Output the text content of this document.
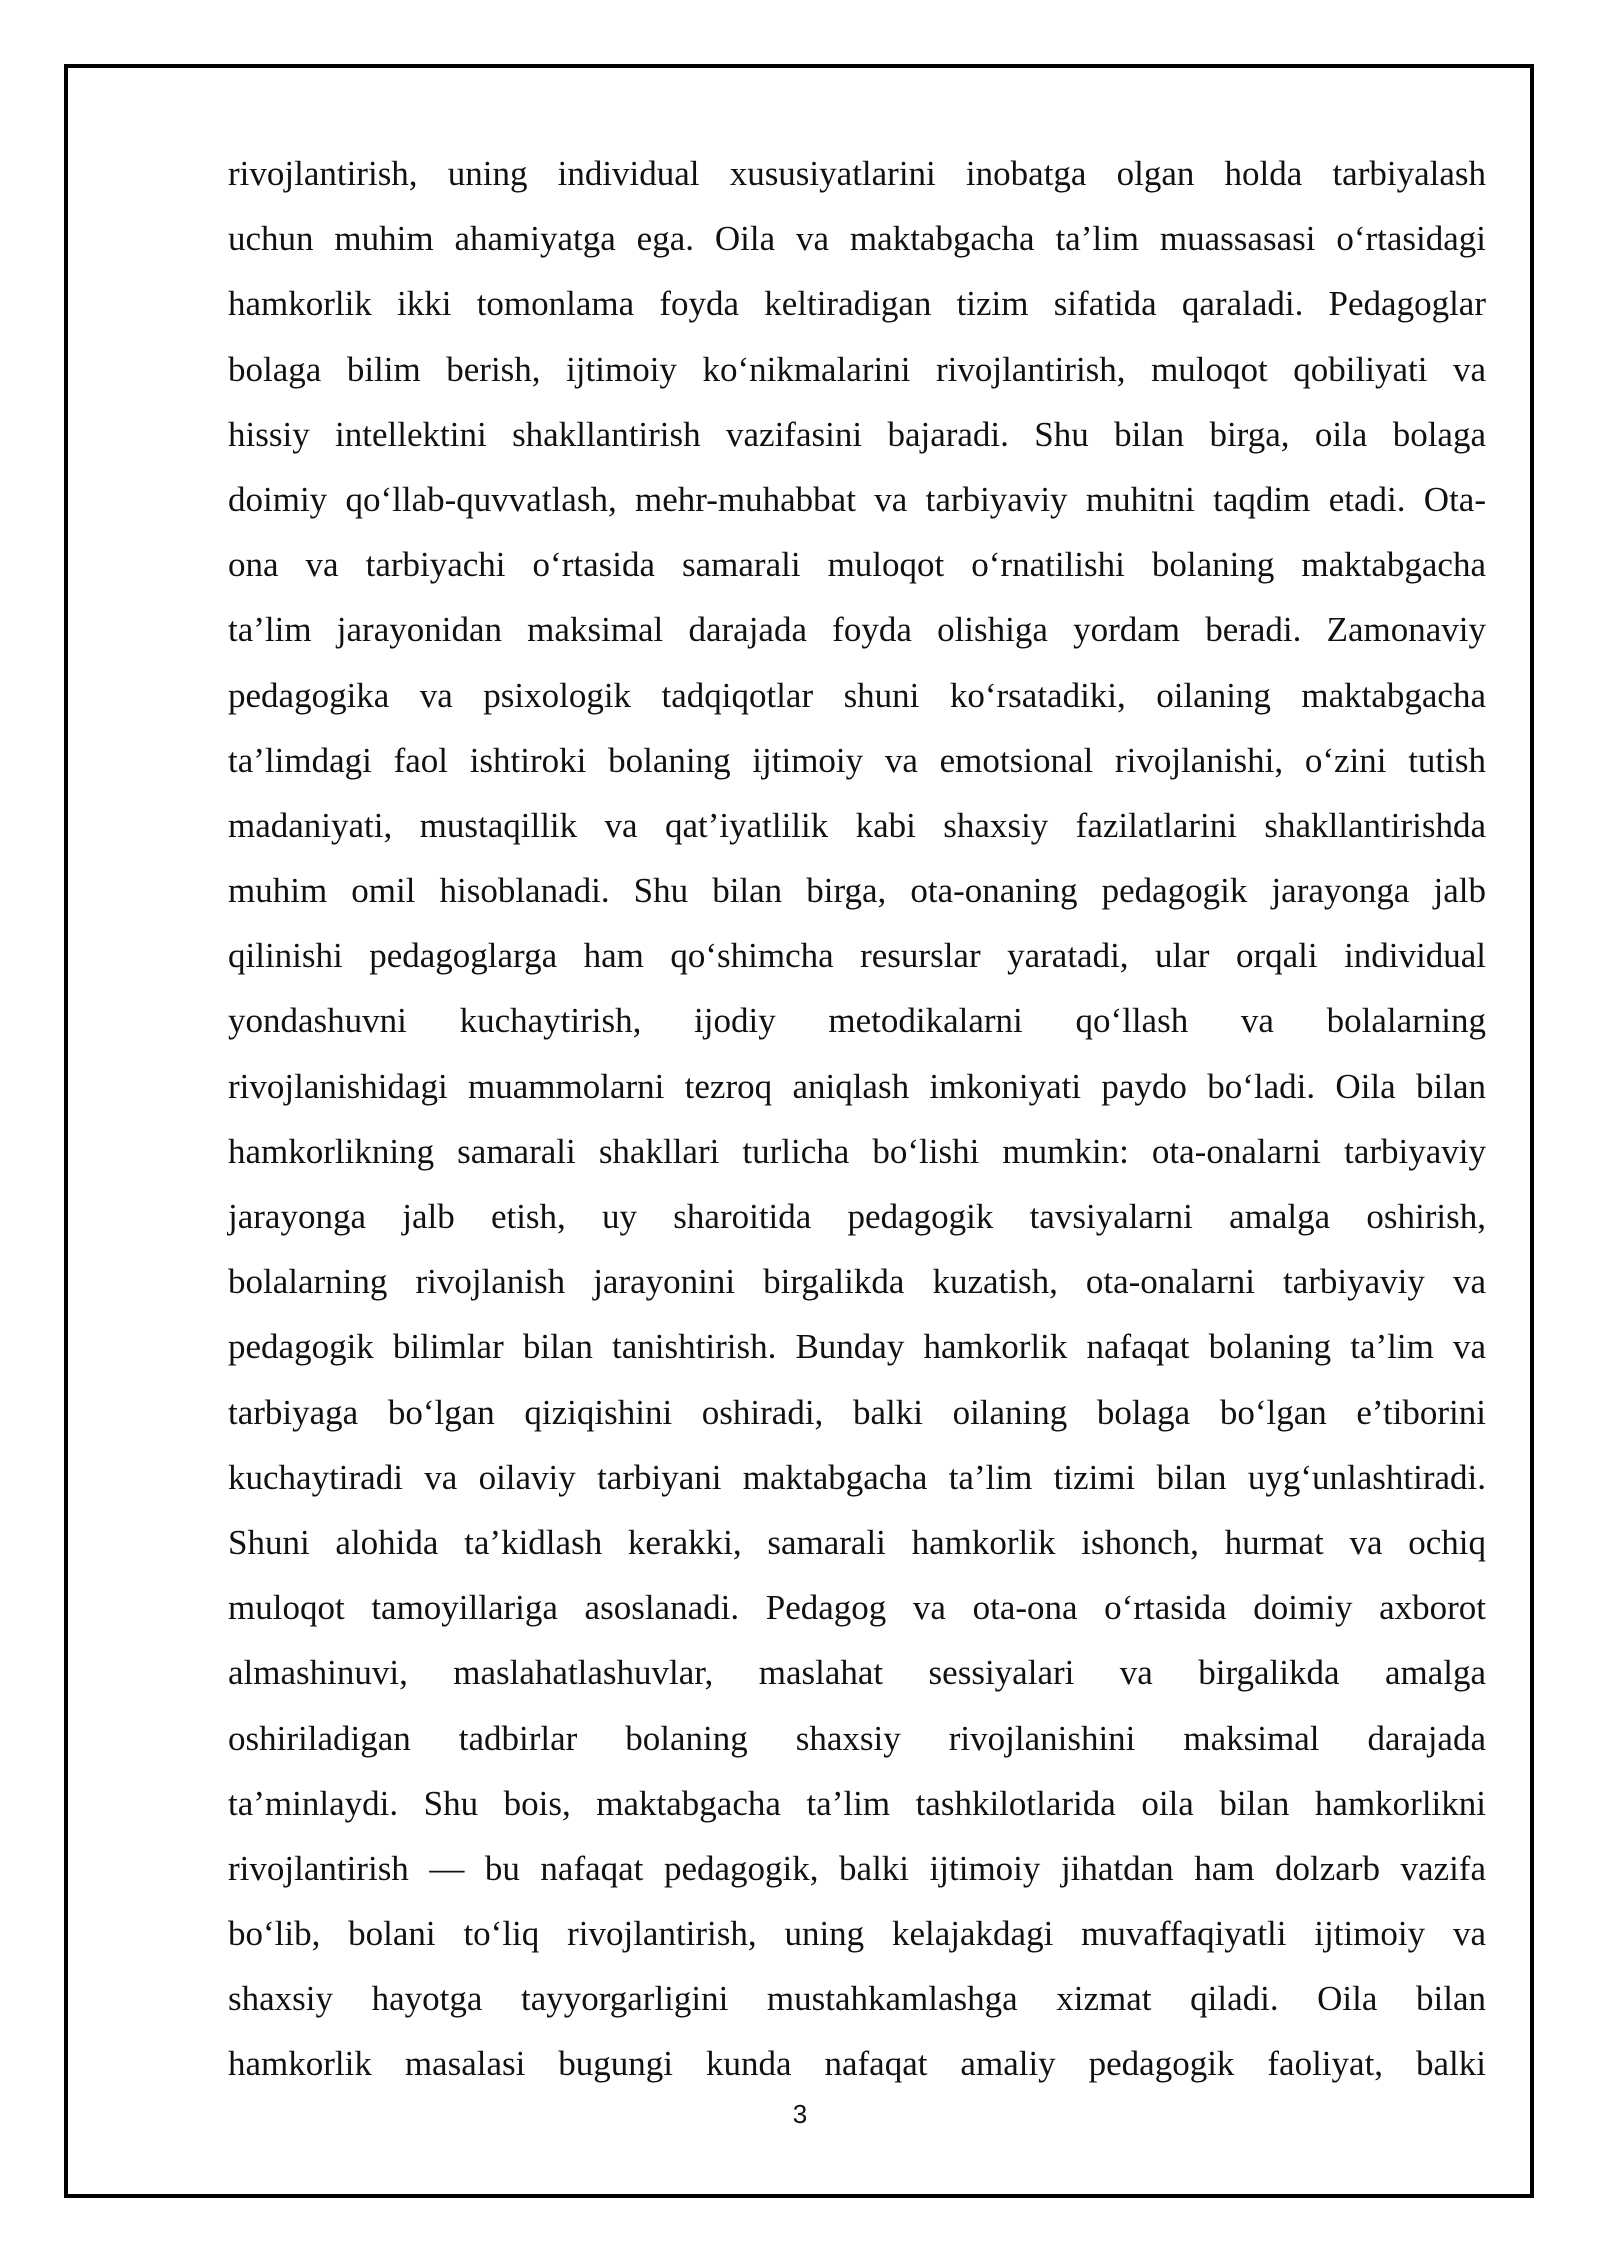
rivojlantirish, uning individual xususiyatlarini inobatga olgan holda tarbiyalash
uchun muhim ahamiyatga ega. Oila va maktabgacha ta’lim muassasasi o‘rtasidagi
hamkorlik ikki tomonlama foyda keltiradigan tizim sifatida qaraladi. Pedagoglar
bolaga bilim berish, ijtimoiy ko‘nikmalarini rivojlantirish, muloqot qobiliyati va
hissiy intellektini shakllantirish vazifasini bajaradi. Shu bilan birga, oila bolaga
doimiy qo‘llab-quvvatlash, mehr-muhabbat va tarbiyaviy muhitni taqdim etadi. Ota-
ona va tarbiyachi o‘rtasida samarali muloqot o‘rnatilishi bolaning maktabgacha
ta’lim jarayonidan maksimal darajada foyda olishiga yordam beradi. Zamonaviy
pedagogika va psixologik tadqiqotlar shuni ko‘rsatadiki, oilaning maktabgacha
ta’limdagi faol ishtiroki bolaning ijtimoiy va emotsional rivojlanishi, o‘zini tutish
madaniyati, mustaqillik va qat’iyatlilik kabi shaxsiy fazilatlarini shakllantirishda
muhim omil hisoblanadi. Shu bilan birga, ota-onaning pedagogik jarayonga jalb
qilinishi pedagoglarga ham qo‘shimcha resurslar yaratadi, ular orqali individual
yondashuvni kuchaytirish, ijodiy metodikalarni qo‘llash va bolalarning
rivojlanishidagi muammolarni tezroq aniqlash imkoniyati paydo bo‘ladi. Oila bilan
hamkorlikning samarali shakllari turlicha bo‘lishi mumkin: ota-onalarni tarbiyaviy
jarayonga jalb etish, uy sharoitida pedagogik tavsiyalarni amalga oshirish,
bolalarning rivojlanish jarayonini birgalikda kuzatish, ota-onalarni tarbiyaviy va
pedagogik bilimlar bilan tanishtirish. Bunday hamkorlik nafaqat bolaning ta’lim va
tarbiyaga bo‘lgan qiziqishini oshiradi, balki oilaning bolaga bo‘lgan e’tiborini
kuchaytiradi va oilaviy tarbiyani maktabgacha ta’lim tizimi bilan uyg‘unlashtiradi.
Shuni alohida ta’kidlash kerakki, samarali hamkorlik ishonch, hurmat va ochiq
muloqot tamoyillariga asoslanadi. Pedagog va ota-ona o‘rtasida doimiy axborot
almashinuvi, maslahatlashuvlar, maslahat sessiyalari va birgalikda amalga
oshiriladigan tadbirlar bolaning shaxsiy rivojlanishini maksimal darajada
ta’minlaydi. Shu bois, maktabgacha ta’lim tashkilotlarida oila bilan hamkorlikni
rivojlantirish — bu nafaqat pedagogik, balki ijtimoiy jihatdan ham dolzarb vazifa
bo‘lib, bolani to‘liq rivojlantirish, uning kelajakdagi muvaffaqiyatli ijtimoiy va
shaxsiy hayotga tayyorgarligini mustahkamlashga xizmat qiladi. Oila bilan
hamkorlik masalasi bugungi kunda nafaqat amaliy pedagogik faoliyat, balki
3
